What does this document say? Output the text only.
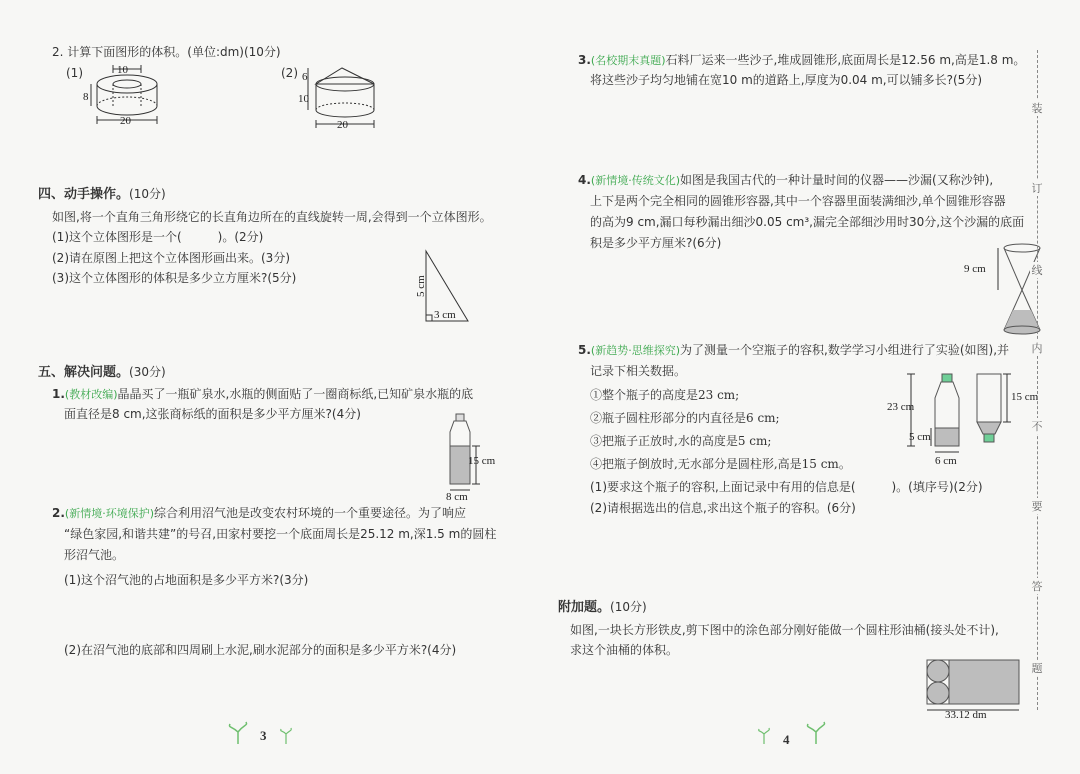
2. 计算下面图形的体积。(单位:dm)(10分)
(1)	(2)
10
8
20
6
10
20
四、动手操作。(10分)
如图,将一个直角三角形绕它的长直角边所在的直线旋转一周,会得到一个立体图形。
(1)这个立体图形是一个(　　　)。(2分)
(2)请在原图上把这个立体图形画出来。(3分)
(3)这个立体图形的体积是多少立方厘米?(5分)	5 cm
3 cm
五、解决问题。(30分)
1.(教材改编)晶晶买了一瓶矿泉水,水瓶的侧面贴了一圈商标纸,已知矿泉水瓶的底
面直径是8 cm,这张商标纸的面积是多少平方厘米?(4分)
15 cm
8 cm
2.(新情境·环境保护)综合利用沼气池是改变农村环境的一个重要途径。为了响应
“绿色家园,和谐共建”的号召,田家村要挖一个底面周长是25.12 m,深1.5 m的圆柱
形沼气池。
(1)这个沼气池的占地面积是多少平方米?(3分)
(2)在沼气池的底部和四周刷上水泥,刷水泥部分的面积是多少平方米?(4分)
3
3.(名校期末真题)石料厂运来一些沙子,堆成圆锥形,底面周长是12.56 m,高是1.8 m。
将这些沙子均匀地铺在宽10 m的道路上,厚度为0.04 m,可以铺多长?(5分)
4.(新情境·传统文化)如图是我国古代的一种计量时间的仪器——沙漏(又称沙钟),
上下是两个完全相同的圆锥形容器,其中一个容器里面装满细沙,单个圆锥形容器
的高为9 cm,漏口每秒漏出细沙0.05 cm³,漏完全部细沙用时30分,这个沙漏的底面
积是多少平方厘米?(6分)
9 cm
5.(新趋势·思维探究)为了测量一个空瓶子的容积,数学学习小组进行了实验(如图),并
记录下相关数据。
①整个瓶子的高度是23 cm;
②瓶子圆柱形部分的内直径是6 cm;
③把瓶子正放时,水的高度是5 cm;
④把瓶子倒放时,无水部分是圆柱形,高是15 cm。
(1)要求这个瓶子的容积,上面记录中有用的信息是(　　　)。(填序号)(2分)
(2)请根据选出的信息,求出这个瓶子的容积。(6分)
23 cm
5 cm
6 cm
15 cm
附加题。(10分)
如图,一块长方形铁皮,剪下图中的涂色部分刚好能做一个圆柱形油桶(接头处不计),
求这个油桶的体积。
33.12 dm
4
装
订
线
内
不
要
答
题
